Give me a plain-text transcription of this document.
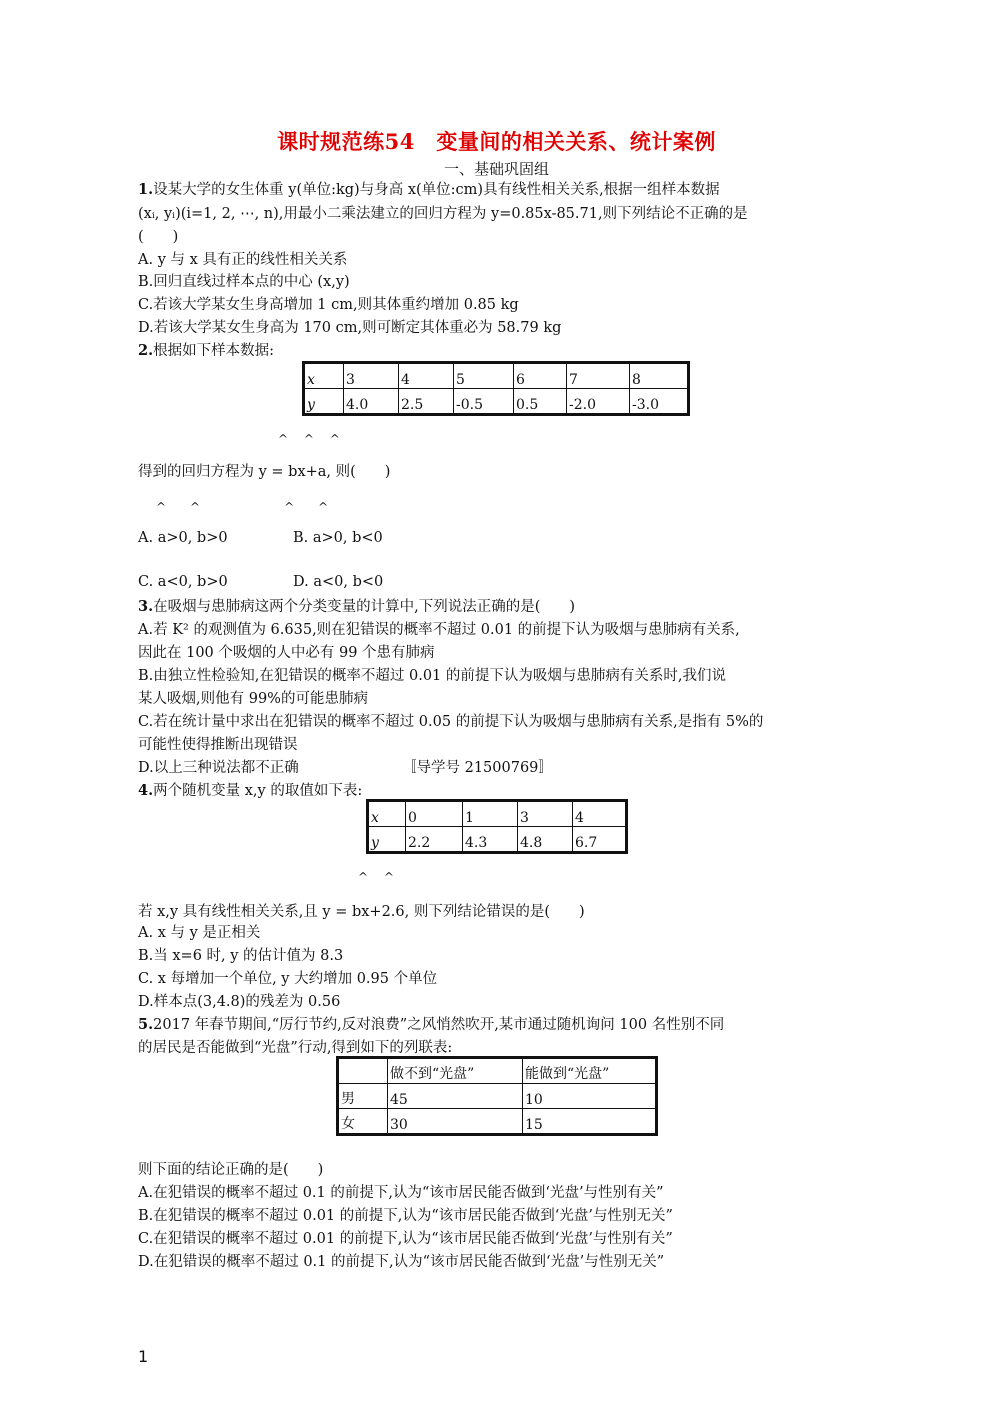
课时规范练54　变量间的相关关系、统计案例
一、基础巩固组
1.设某大学的女生体重 y(单位:kg)与身高 x(单位:cm)具有线性相关关系,根据一组样本数据
(xᵢ, yᵢ)(i=1, 2, ⋯, n),用最小二乘法建立的回归方程为 y=0.85x-85.71,则下列结论不正确的是
(　　)
A. y 与 x 具有正的线性相关关系
B.回归直线过样本点的中心 (x,y)
C.若该大学某女生身高增加 1 cm,则其体重约增加 0.85 kg
D.若该大学某女生身高为 170 cm,则可断定其体重必为 58.79 kg
2.根据如下样本数据:
x	3	4	5	6	7	8
y	4.0	2.5	-0.5	0.5	-2.0	-3.0
^　 ^　 ^
得到的回归方程为 y = bx+a, 则(　　)
^　　^　　　　　　　^　　^
A. a>0, b>0	B. a>0, b<0
C. a<0, b>0	D. a<0, b<0
3.在吸烟与患肺病这两个分类变量的计算中,下列说法正确的是(　　)
A.若 K² 的观测值为 6.635,则在犯错误的概率不超过 0.01 的前提下认为吸烟与患肺病有关系,
因此在 100 个吸烟的人中必有 99 个患有肺病
B.由独立性检验知,在犯错误的概率不超过 0.01 的前提下认为吸烟与患肺病有关系时,我们说
某人吸烟,则他有 99%的可能患肺病
C.若在统计量中求出在犯错误的概率不超过 0.05 的前提下认为吸烟与患肺病有关系,是指有 5%的
可能性使得推断出现错误
D.以上三种说法都不正确	〚导学号 21500769〛
4.两个随机变量 x,y 的取值如下表:
x	0	1	3	4
y	2.2	4.3	4.8	6.7
^　 ^
若 x,y 具有线性相关关系,且 y = bx+2.6, 则下列结论错误的是(　　)
A. x 与 y 是正相关
B.当 x=6 时, y 的估计值为 8.3
C. x 每增加一个单位, y 大约增加 0.95 个单位
D.样本点(3,4.8)的残差为 0.56
5.2017 年春节期间,“厉行节约,反对浪费”之风悄然吹开,某市通过随机询问 100 名性别不同
的居民是否能做到“光盘”行动,得到如下的列联表:
	做不到“光盘”	能做到“光盘”
男	45	10
女	30	15
则下面的结论正确的是(　　)
A.在犯错误的概率不超过 0.1 的前提下,认为“该市居民能否做到‘光盘’与性别有关”
B.在犯错误的概率不超过 0.01 的前提下,认为“该市居民能否做到‘光盘’与性别无关”
C.在犯错误的概率不超过 0.01 的前提下,认为“该市居民能否做到‘光盘’与性别有关”
D.在犯错误的概率不超过 0.1 的前提下,认为“该市居民能否做到‘光盘’与性别无关”
1
